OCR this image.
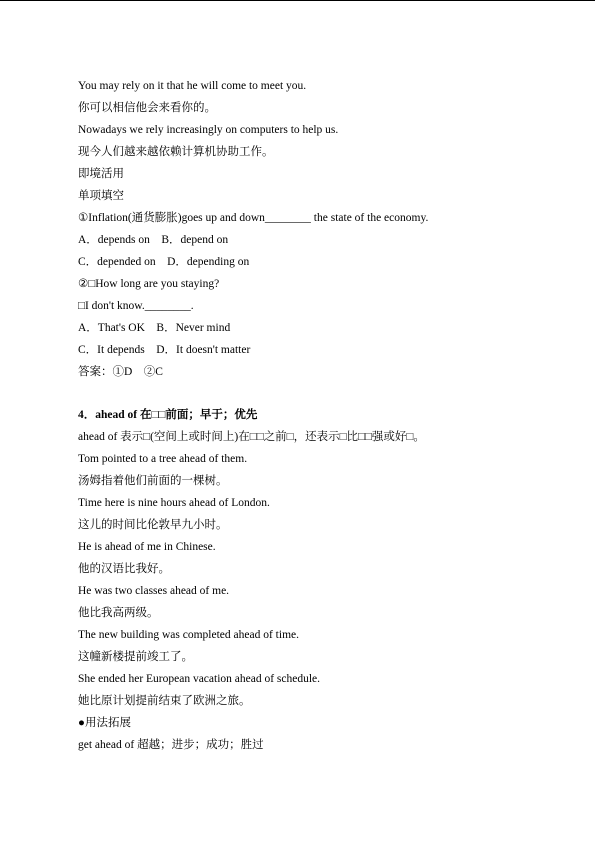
You may rely on it that he will come to meet you.
你可以相信他会来看你的。
Nowadays we rely increasingly on computers to help us.
现今人们越来越依赖计算机协助工作。
即境活用
单项填空
①Inflation(通货膨胀)goes up and down________ the state of the economy.
A．depends on　B．depend on
C．depended on　D．depending on
②□How long are you staying?
□I don't know.________.
A．That's OK　B．Never mind
C．It depends　D．It doesn't matter
答案：①D　②C
4．ahead of 在□□前面；早于；优先
ahead of 表示□(空间上或时间上)在□□之前□，还表示□比□□强或好□。
Tom pointed to a tree ahead of them.
汤姆指着他们前面的一棵树。
Time here is nine hours ahead of London.
这儿的时间比伦敦早九小时。
He is ahead of me in Chinese.
他的汉语比我好。
He was two classes ahead of me.
他比我高两级。
The new building was completed ahead of time.
这幢新楼提前竣工了。
She ended her European vacation ahead of schedule.
她比原计划提前结束了欧洲之旅。
●用法拓展
get ahead of 超越；进步；成功；胜过
